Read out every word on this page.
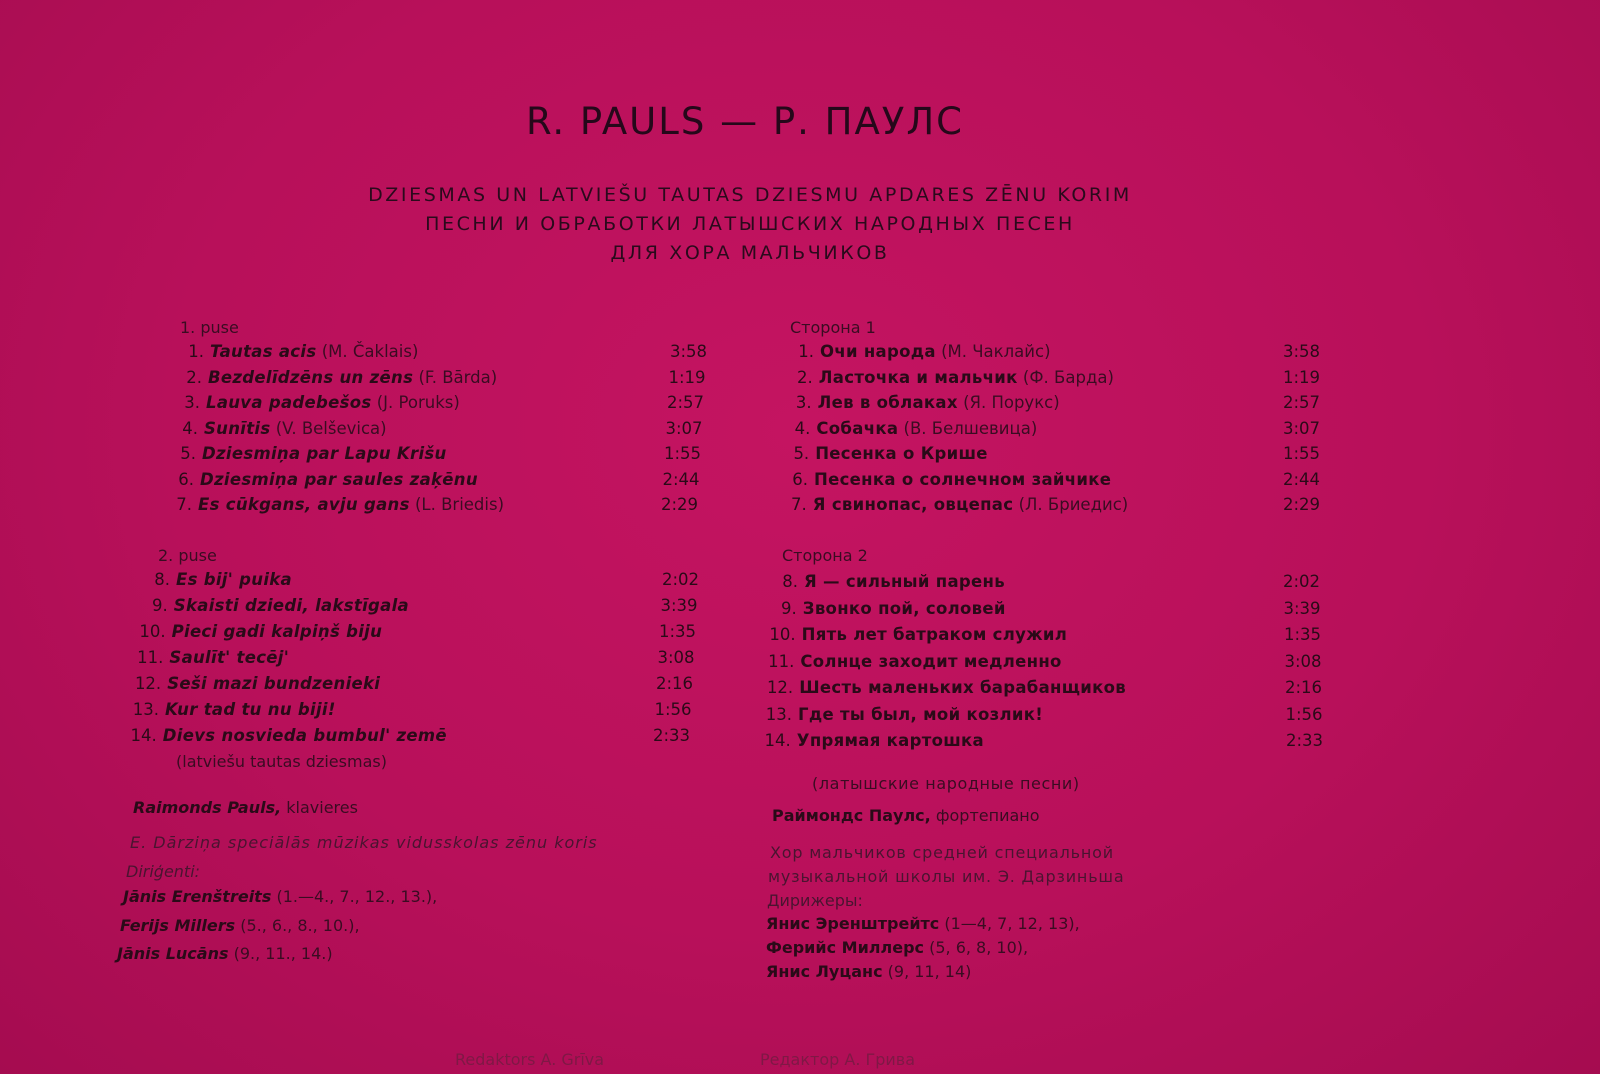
R. PAULS — Р. ПАУЛС
DZIESMAS UN LATVIEŠU TAUTAS DZIESMU APDARES ZĒNU KORIM
ПЕСНИ И ОБРАБОТКИ ЛАТЫШСКИХ НАРОДНЫХ ПЕСЕН
ДЛЯ ХОРА МАЛЬЧИКОВ
1. puse
1. Tautas acis (M. Čaklais)	3:58
2. Bezdelīdzēns un zēns (F. Bārda)	1:19
3. Lauva padebešos (J. Poruks)	2:57
4. Sunītis (V. Belševica)	3:07
5. Dziesmiņa par Lapu Krišu	1:55
6. Dziesmiņa par saules zaķēnu	2:44
7. Es cūkgans, avju gans (L. Briedis)	2:29
2. puse
8. Es bij' puika	2:02
9. Skaisti dziedi, lakstīgala	3:39
10. Pieci gadi kalpiņš biju	1:35
11. Saulīt' tecēj'	3:08
12. Seši mazi bundzenieki	2:16
13. Kur tad tu nu biji!	1:56
14. Dievs nosvieda bumbul' zemē	2:33
(latviešu tautas dziesmas)
Raimonds Pauls, klavieres
E. Dārziņa speciālās mūzikas vidusskolas zēnu koris
Diriģenti:
Jānis Erenštreits (1.—4., 7., 12., 13.),
Ferijs Millers (5., 6., 8., 10.),
Jānis Lucāns (9., 11., 14.)
Redaktors A. Grīva
Сторона 1
1. Очи народа (М. Чаклайс)	3:58
2. Ласточка и мальчик (Ф. Барда)	1:19
3. Лев в облаках (Я. Порукс)	2:57
4. Собачка (В. Белшевица)	3:07
5. Песенка о Крише	1:55
6. Песенка о солнечном зайчике	2:44
7. Я свинопас, овцепас (Л. Бриедис)	2:29
Сторона 2
8. Я — сильный парень	2:02
9. Звонко пой, соловей	3:39
10. Пять лет батраком служил	1:35
11. Солнце заходит медленно	3:08
12. Шесть маленьких барабанщиков	2:16
13. Где ты был, мой козлик!	1:56
14. Упрямая картошка	2:33
(латышские народные песни)
Раймондс Паулс, фортепиано
Хор мальчиков средней специальной
музыкальной школы им. Э. Дарзиньша
Дирижеры:
Янис Эренштрейтс (1—4, 7, 12, 13),
Ферийс Миллерс (5, 6, 8, 10),
Янис Луцанс (9, 11, 14)
Редактор А. Грива
